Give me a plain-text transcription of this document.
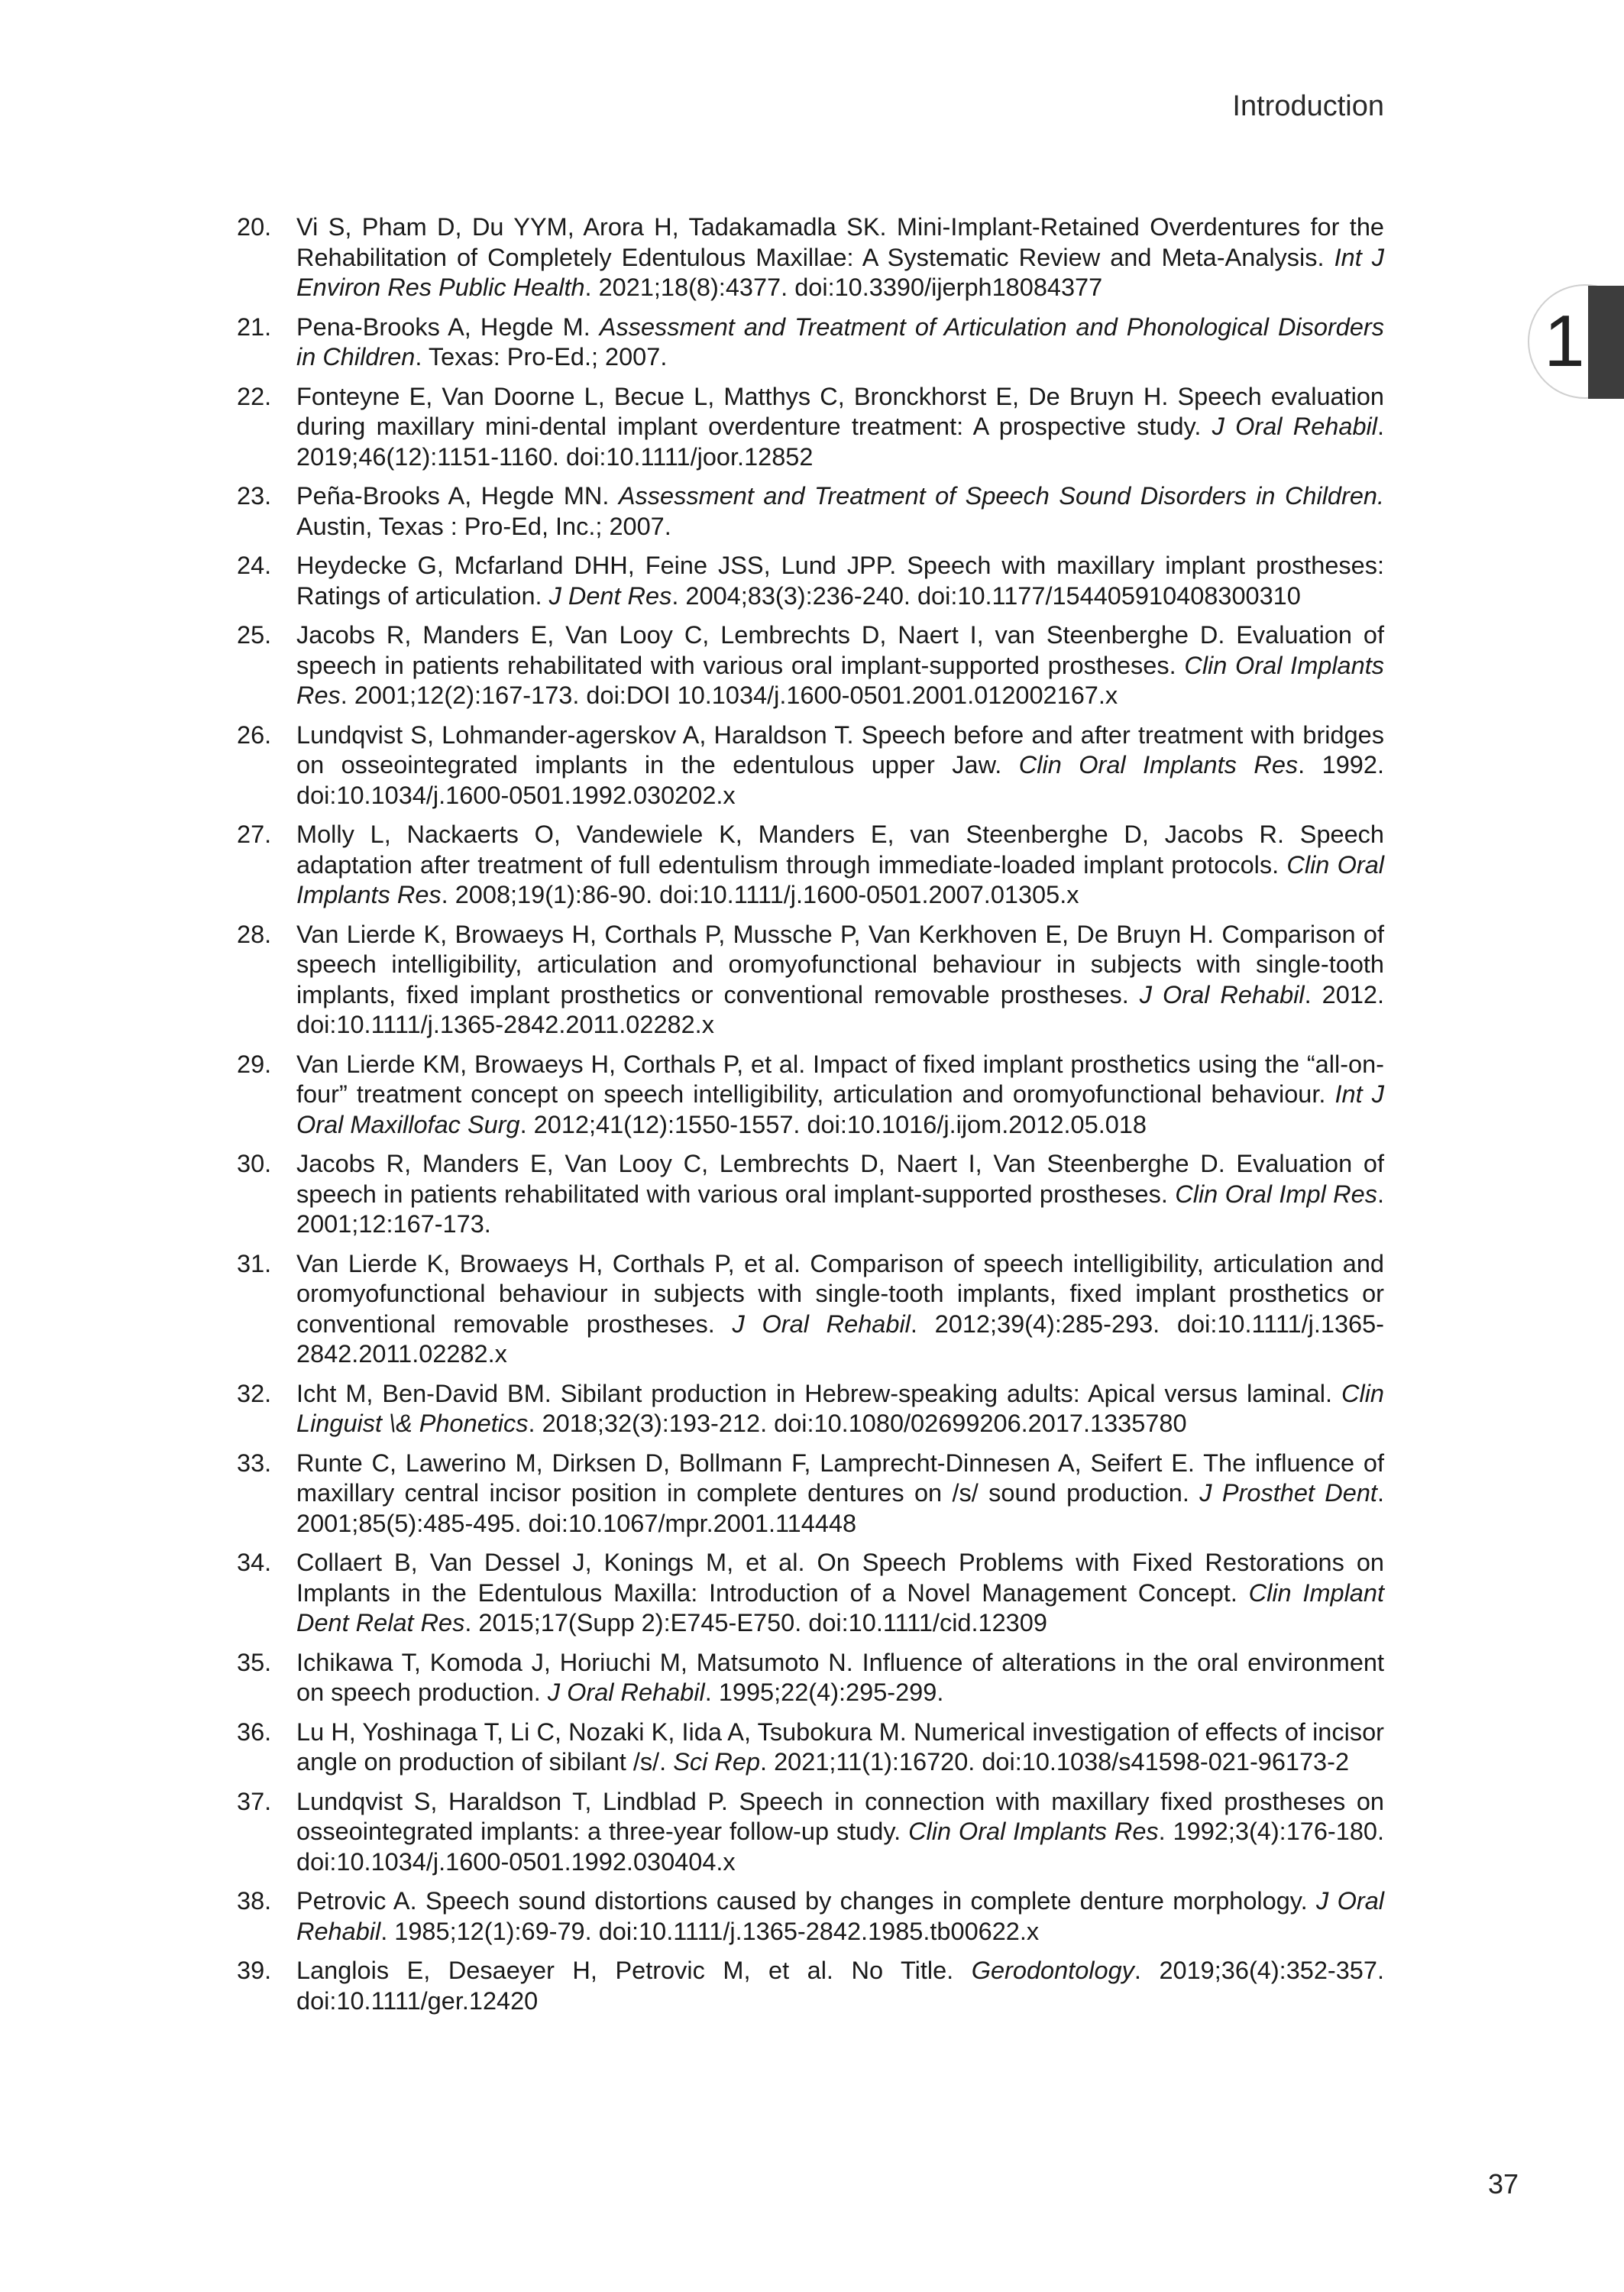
Introduction
1
20. Vi S, Pham D, Du YYM, Arora H, Tadakamadla SK. Mini-Implant-Retained Overdentures for the Rehabilitation of Completely Edentulous Maxillae: A Systematic Review and Meta-Analysis. Int J Environ Res Public Health. 2021;18(8):4377. doi:10.3390/ijerph18084377
21. Pena-Brooks A, Hegde M. Assessment and Treatment of Articulation and Phonological Disorders in Children. Texas: Pro-Ed.; 2007.
22. Fonteyne E, Van Doorne L, Becue L, Matthys C, Bronckhorst E, De Bruyn H. Speech evaluation during maxillary mini-dental implant overdenture treatment: A prospective study. J Oral Rehabil. 2019;46(12):1151-1160. doi:10.1111/joor.12852
23. Peña-Brooks A, Hegde MN. Assessment and Treatment of Speech Sound Disorders in Children. Austin, Texas : Pro-Ed, Inc.; 2007.
24. Heydecke G, Mcfarland DHH, Feine JSS, Lund JPP. Speech with maxillary implant prostheses: Ratings of articulation. J Dent Res. 2004;83(3):236-240. doi:10.1177/154405910408300310
25. Jacobs R, Manders E, Van Looy C, Lembrechts D, Naert I, van Steenberghe D. Evaluation of speech in patients rehabilitated with various oral implant-supported prostheses. Clin Oral Implants Res. 2001;12(2):167-173. doi:DOI 10.1034/j.1600-0501.2001.012002167.x
26. Lundqvist S, Lohmander-agerskov A, Haraldson T. Speech before and after treatment with bridges on osseointegrated implants in the edentulous upper Jaw. Clin Oral Implants Res. 1992. doi:10.1034/j.1600-0501.1992.030202.x
27. Molly L, Nackaerts O, Vandewiele K, Manders E, van Steenberghe D, Jacobs R. Speech adaptation after treatment of full edentulism through immediate-loaded implant protocols. Clin Oral Implants Res. 2008;19(1):86-90. doi:10.1111/j.1600-0501.2007.01305.x
28. Van Lierde K, Browaeys H, Corthals P, Mussche P, Van Kerkhoven E, De Bruyn H. Comparison of speech intelligibility, articulation and oromyofunctional behaviour in subjects with single-tooth implants, fixed implant prosthetics or conventional removable prostheses. J Oral Rehabil. 2012. doi:10.1111/j.1365-2842.2011.02282.x
29. Van Lierde KM, Browaeys H, Corthals P, et al. Impact of fixed implant prosthetics using the “all-on-four” treatment concept on speech intelligibility, articulation and oromyofunctional behaviour. Int J Oral Maxillofac Surg. 2012;41(12):1550-1557. doi:10.1016/j.ijom.2012.05.018
30. Jacobs R, Manders E, Van Looy C, Lembrechts D, Naert I, Van Steenberghe D. Evaluation of speech in patients rehabilitated with various oral implant-supported prostheses. Clin Oral Impl Res. 2001;12:167-173.
31. Van Lierde K, Browaeys H, Corthals P, et al. Comparison of speech intelligibility, articulation and oromyofunctional behaviour in subjects with single-tooth implants, fixed implant prosthetics or conventional removable prostheses. J Oral Rehabil. 2012;39(4):285-293. doi:10.1111/j.1365-2842.2011.02282.x
32. Icht M, Ben-David BM. Sibilant production in Hebrew-speaking adults: Apical versus laminal. Clin Linguist \& Phonetics. 2018;32(3):193-212. doi:10.1080/02699206.2017.1335780
33. Runte C, Lawerino M, Dirksen D, Bollmann F, Lamprecht-Dinnesen A, Seifert E. The influence of maxillary central incisor position in complete dentures on /s/ sound production. J Prosthet Dent. 2001;85(5):485-495. doi:10.1067/mpr.2001.114448
34. Collaert B, Van Dessel J, Konings M, et al. On Speech Problems with Fixed Restorations on Implants in the Edentulous Maxilla: Introduction of a Novel Management Concept. Clin Implant Dent Relat Res. 2015;17(Supp 2):E745-E750. doi:10.1111/cid.12309
35. Ichikawa T, Komoda J, Horiuchi M, Matsumoto N. Influence of alterations in the oral environment on speech production. J Oral Rehabil. 1995;22(4):295-299.
36. Lu H, Yoshinaga T, Li C, Nozaki K, Iida A, Tsubokura M. Numerical investigation of effects of incisor angle on production of sibilant /s/. Sci Rep. 2021;11(1):16720. doi:10.1038/s41598-021-96173-2
37. Lundqvist S, Haraldson T, Lindblad P. Speech in connection with maxillary fixed prostheses on osseointegrated implants: a three-year follow-up study. Clin Oral Implants Res. 1992;3(4):176-180. doi:10.1034/j.1600-0501.1992.030404.x
38. Petrovic A. Speech sound distortions caused by changes in complete denture morphology. J Oral Rehabil. 1985;12(1):69-79. doi:10.1111/j.1365-2842.1985.tb00622.x
39. Langlois E, Desaeyer H, Petrovic M, et al. No Title. Gerodontology. 2019;36(4):352-357. doi:10.1111/ger.12420
37
